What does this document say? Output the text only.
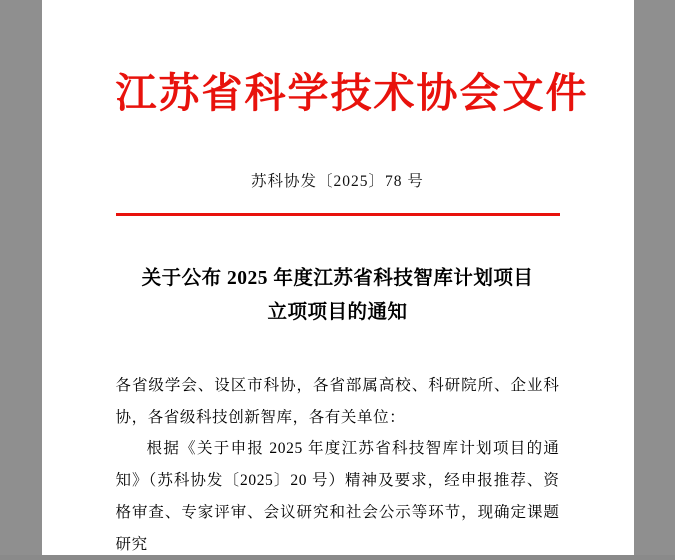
江苏省科学技术协会文件
苏科协发〔2025〕78 号
关于公布 2025 年度江苏省科技智库计划项目
立项项目的通知

各省级学会、设区市科协，各省部属高校、科研院所、企业科协，各省级科技创新智库，各有关单位：

根据《关于申报 2025 年度江苏省科技智库计划项目的通知》（苏科协发〔2025〕20 号）精神及要求，经申报推荐、资格审查、专家评审、会议研究和社会公示等环节，现确定课题研究
